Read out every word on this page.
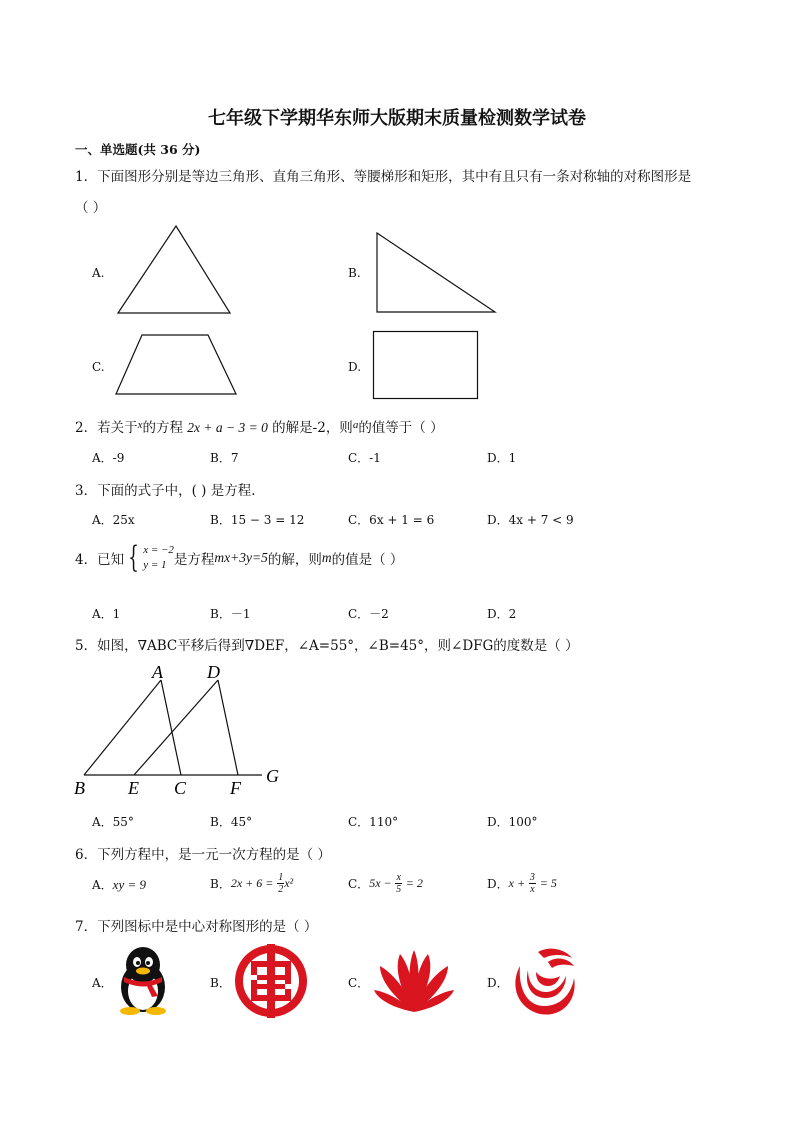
七年级下学期华东师大版期末质量检测数学试卷
一、单选题(共 36 分)
1．下面图形分别是等边三角形、直角三角形、等腰梯形和矩形，其中有且只有一条对称轴的对称图形是
（ ）
A.	B.
C.	D.
2．若关于$^x$的方程 2x + a − 3 = 0 的解是-2，则$^a$的值等于（ ）
A．-9	B．7	C．-1	D．1
3．下面的式子中，( ) 是方程.
A．25x	B．15 − 3 = 12	C．6x + 1 = 6	D．4x + 7 < 9
4．已知 { x = −2
y = 1 是方程mx+3y=5的解，则m的值是（ ）
A．1	B．－1	C．－2	D．2
5．如图，∇ABC平移后得到∇DEF，∠A=55°，∠B=45°，则∠DFG的度数是（ ）
A D
B E C F
G
A．55°	B．45°	C．110°	D．100°
6．下列方程中，是一元一次方程的是（ ）
A．xy = 9	B．$2x + 6 = \frac{1}{2} x^2$	C．$5x - \frac{x}{5} = 2$	D．$x + \frac{3}{x} = 5$
7．下列图标中是中心对称图形的是（ ）
A．	B．	C．	D．
